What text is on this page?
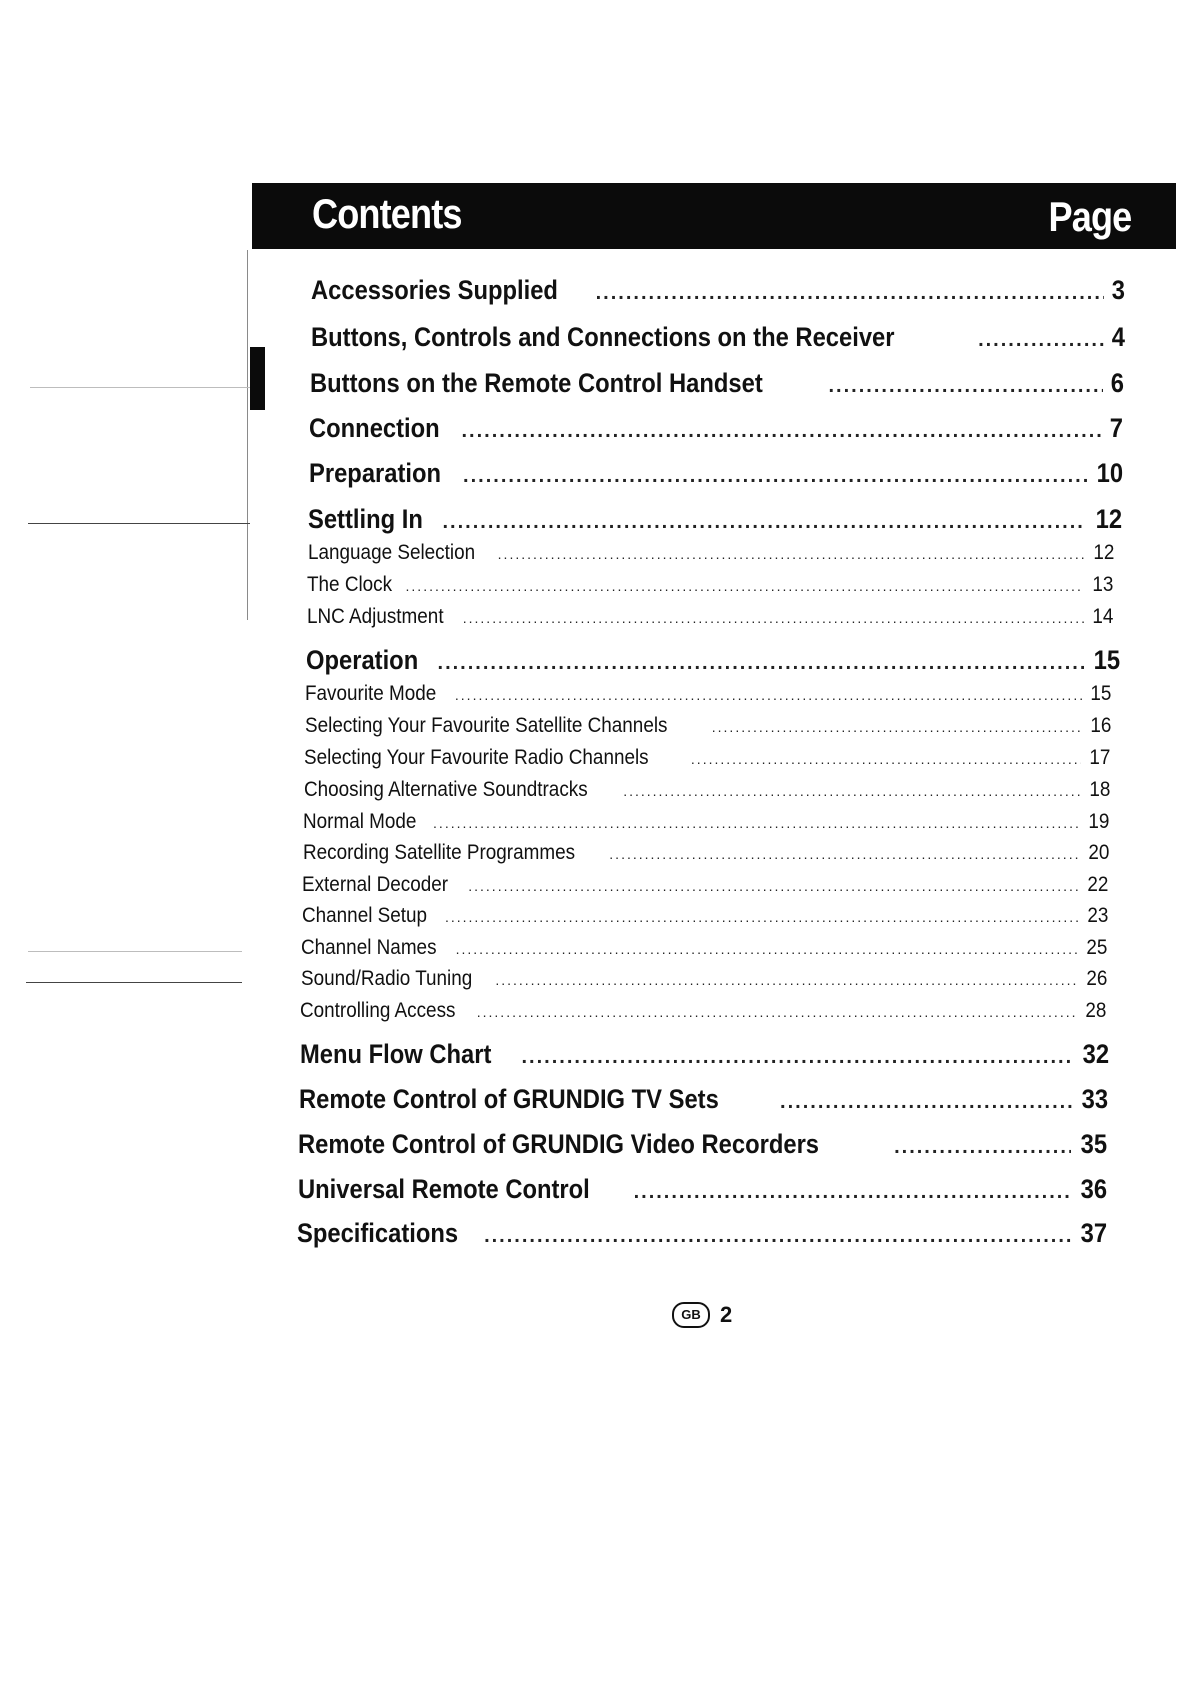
Contents	Page
Accessories Supplied .....	3
Buttons, Controls and Connections on the Receiver .....	4
Buttons on the Remote Control Handset .....	6
Connection .....	7
Preparation .....	10
Settling In .....	12
Language Selection .....	12
The Clock .....	13
LNC Adjustment .....	14
Operation .....	15
Favourite Mode .....	15
Selecting Your Favourite Satellite Channels .....	16
Selecting Your Favourite Radio Channels .....	17
Choosing Alternative Soundtracks .....	18
Normal Mode .....	19
Recording Satellite Programmes .....	20
External Decoder .....	22
Channel Setup .....	23
Channel Names .....	25
Sound/Radio Tuning .....	26
Controlling Access .....	28
Menu Flow Chart .....	32
Remote Control of GRUNDIG TV Sets .....	33
Remote Control of GRUNDIG Video Recorders .....	35
Universal Remote Control .....	36
Specifications .....	37
GB 2
